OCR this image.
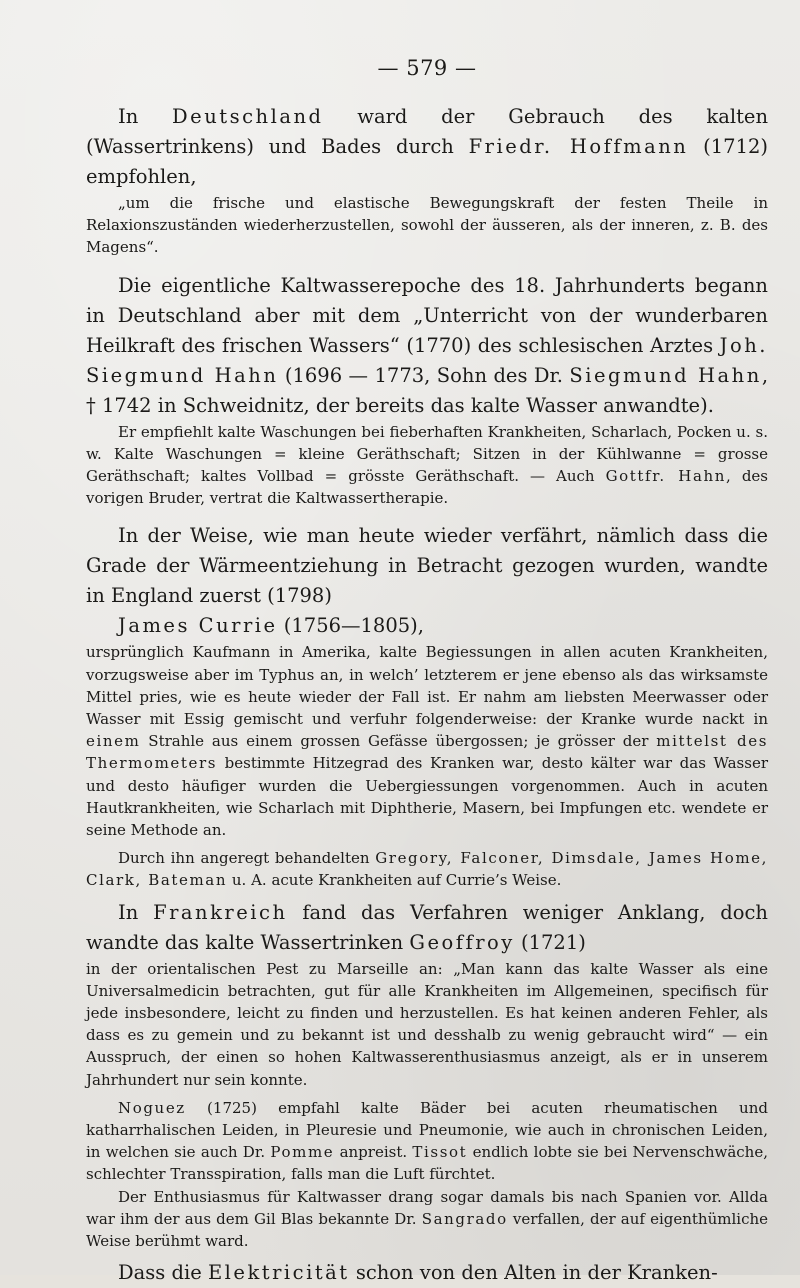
— 579 —

In Deutschland ward der Gebrauch des kalten (Wassertrinkens) und Bades durch Friedr. Hoffmann (1712) empfohlen,

„um die frische und elastische Bewegungskraft der festen Theile in Relaxionszuständen wiederherzustellen, sowohl der äusseren, als der inneren, z. B. des Magens“.

Die eigentliche Kaltwasserepoche des 18. Jahrhunderts begann in Deutschland aber mit dem „Unterricht von der wunderbaren Heilkraft des frischen Wassers“ (1770) des schlesischen Arztes Joh. Siegmund Hahn (1696 — 1773, Sohn des Dr. Siegmund Hahn, † 1742 in Schweidnitz, der bereits das kalte Wasser anwandte).

Er empfiehlt kalte Waschungen bei fieberhaften Krankheiten, Scharlach, Pocken u. s. w. Kalte Waschungen = kleine Geräthschaft; Sitzen in der Kühlwanne = grosse Geräthschaft; kaltes Vollbad = grösste Geräthschaft. — Auch Gottfr. Hahn, des vorigen Bruder, vertrat die Kaltwassertherapie.

In der Weise, wie man heute wieder verfährt, nämlich dass die Grade der Wärmeentziehung in Betracht gezogen wurden, wandte in England zuerst (1798)

James Currie (1756—1805),

ursprünglich Kaufmann in Amerika, kalte Begiessungen in allen acuten Krankheiten, vorzugsweise aber im Typhus an, in welch’ letzterem er jene ebenso als das wirksamste Mittel pries, wie es heute wieder der Fall ist. Er nahm am liebsten Meerwasser oder Wasser mit Essig gemischt und verfuhr folgenderweise: der Kranke wurde nackt in einem Strahle aus einem grossen Gefässe übergossen; je grösser der mittelst des Thermometers bestimmte Hitzegrad des Kranken war, desto kälter war das Wasser und desto häufiger wurden die Uebergiessungen vorgenommen. Auch in acuten Hautkrankheiten, wie Scharlach mit Diphtherie, Masern, bei Impfungen etc. wendete er seine Methode an.

Durch ihn angeregt behandelten Gregory, Falconer, Dimsdale, James Home, Clark, Bateman u. A. acute Krankheiten auf Currie’s Weise.

In Frankreich fand das Verfahren weniger Anklang, doch wandte das kalte Wassertrinken Geoffroy (1721)

in der orientalischen Pest zu Marseille an: „Man kann das kalte Wasser als eine Universalmedicin betrachten, gut für alle Krankheiten im Allgemeinen, specifisch für jede insbesondere, leicht zu finden und herzustellen. Es hat keinen anderen Fehler, als dass es zu gemein und zu bekannt ist und desshalb zu wenig gebraucht wird“ — ein Ausspruch, der einen so hohen Kaltwasserenthusiasmus anzeigt, als er in unserem Jahrhundert nur sein konnte.

Noguez (1725) empfahl kalte Bäder bei acuten rheumatischen und katharrhalischen Leiden, in Pleuresie und Pneumonie, wie auch in chronischen Leiden, in welchen sie auch Dr. Pomme anpreist. Tissot endlich lobte sie bei Nervenschwäche, schlechter Transspiration, falls man die Luft fürchtet.

Der Enthusiasmus für Kaltwasser drang sogar damals bis nach Spanien vor. Allda war ihm der aus dem Gil Blas bekannte Dr. Sangrado verfallen, der auf eigenthümliche Weise berühmt ward.

Dass die Elektricität schon von den Alten in der Kranken-
